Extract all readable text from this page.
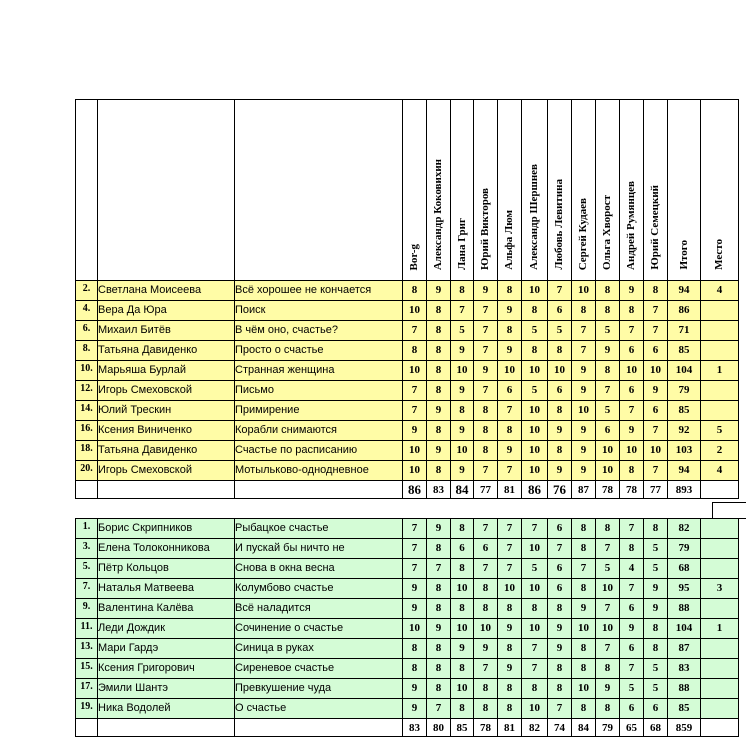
			Bor-g	Александр Коковихин	Лана Григ	Юрий Викторов	Альфа Люм	Александр Шершнев	Любовь Левитина	Сергей Кудаев	Ольга Хворост	Андрей Румянцев	Юрий Семецкий	Итого	Место

2.	Светлана Моисеева	Всё хорошее не кончается	8	9	8	9	8	10	7	10	8	9	8	94	4
4.	Вера Да Юра	Поиск	10	8	7	7	9	8	6	8	8	8	7	86	
6.	Михаил Битёв	В чём оно, счастье?	7	8	5	7	8	5	5	7	5	7	7	71	
8.	Татьяна Давиденко	Просто о счастье	8	8	9	7	9	8	8	7	9	6	6	85	
10.	Марьяша Бурлай	Странная женщина	10	8	10	9	10	10	10	9	8	10	10	104	1
12.	Игорь Смеховской	Письмо	7	8	9	7	6	5	6	9	7	6	9	79	
14.	Юлий Трескин	Примирение	7	9	8	8	7	10	8	10	5	7	6	85	
16.	Ксения Виниченко	Корабли снимаются	9	8	9	8	8	10	9	9	6	9	7	92	5
18.	Татьяна Давиденко	Счастье по расписанию	10	9	10	8	9	10	8	9	10	10	10	103	2
20.	Игорь Смеховской	Мотыльково-однодневное	10	8	9	7	7	10	9	9	10	8	7	94	4
			86	83	84	77	81	86	76	87	78	78	77	893	
1.	Борис Скрипников	Рыбацкое счастье	7	9	8	7	7	7	6	8	8	7	8	82	
3.	Елена Толоконникова	И пускай бы ничто не	7	8	6	6	7	10	7	8	7	8	5	79	
5.	Пётр Кольцов	Снова в окна весна	7	7	8	7	7	5	6	7	5	4	5	68	
7.	Наталья Матвеева	Колумбово счастье	9	8	10	8	10	10	6	8	10	7	9	95	3
9.	Валентина Калёва	Всё наладится	9	8	8	8	8	8	8	9	7	6	9	88	
11.	Леди Дождик	Сочинение о счастье	10	9	10	10	9	10	9	10	10	9	8	104	1
13.	Мари Гардэ	Синица в руках	8	8	9	9	8	7	9	8	7	6	8	87	
15.	Ксения Григорович	Сиреневое счастье	8	8	8	7	9	7	8	8	8	7	5	83	
17.	Эмили Шантэ	Превкушение чуда	9	8	10	8	8	8	8	10	9	5	5	88	
19.	Ника Водолей	О счастье	9	7	8	8	8	10	7	8	8	6	6	85	
			83	80	85	78	81	82	74	84	79	65	68	859	
